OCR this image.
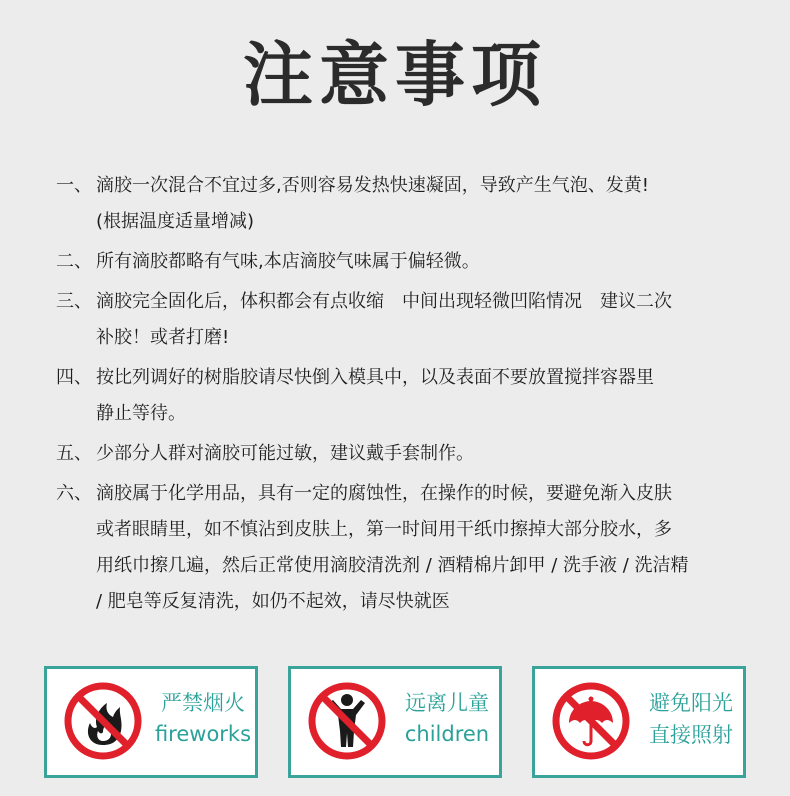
注意事项
一、 滴胶一次混合不宜过多,否则容易发热快速凝固，导致产生气泡、发黄!
(根据温度适量增减)
二、 所有滴胶都略有气味,本店滴胶气味属于偏轻微。
三、 滴胶完全固化后，体积都会有点收缩　中间出现轻微凹陷情况　建议二次
补胶！或者打磨!
四、 按比列调好的树脂胶请尽快倒入模具中，以及表面不要放置搅拌容器里
静止等待。
五、 少部分人群对滴胶可能过敏，建议戴手套制作。
六、 滴胶属于化学用品，具有一定的腐蚀性，在操作的时候，要避免渐入皮肤
或者眼睛里，如不慎沾到皮肤上，第一时间用干纸巾擦掉大部分胶水，多
用纸巾擦几遍，然后正常使用滴胶清洗剂 / 酒精棉片卸甲 / 洗手液 / 洗洁精
/ 肥皂等反复清洗，如仍不起效，请尽快就医
严禁烟火
fireworks
远离儿童
children
避免阳光
直接照射
